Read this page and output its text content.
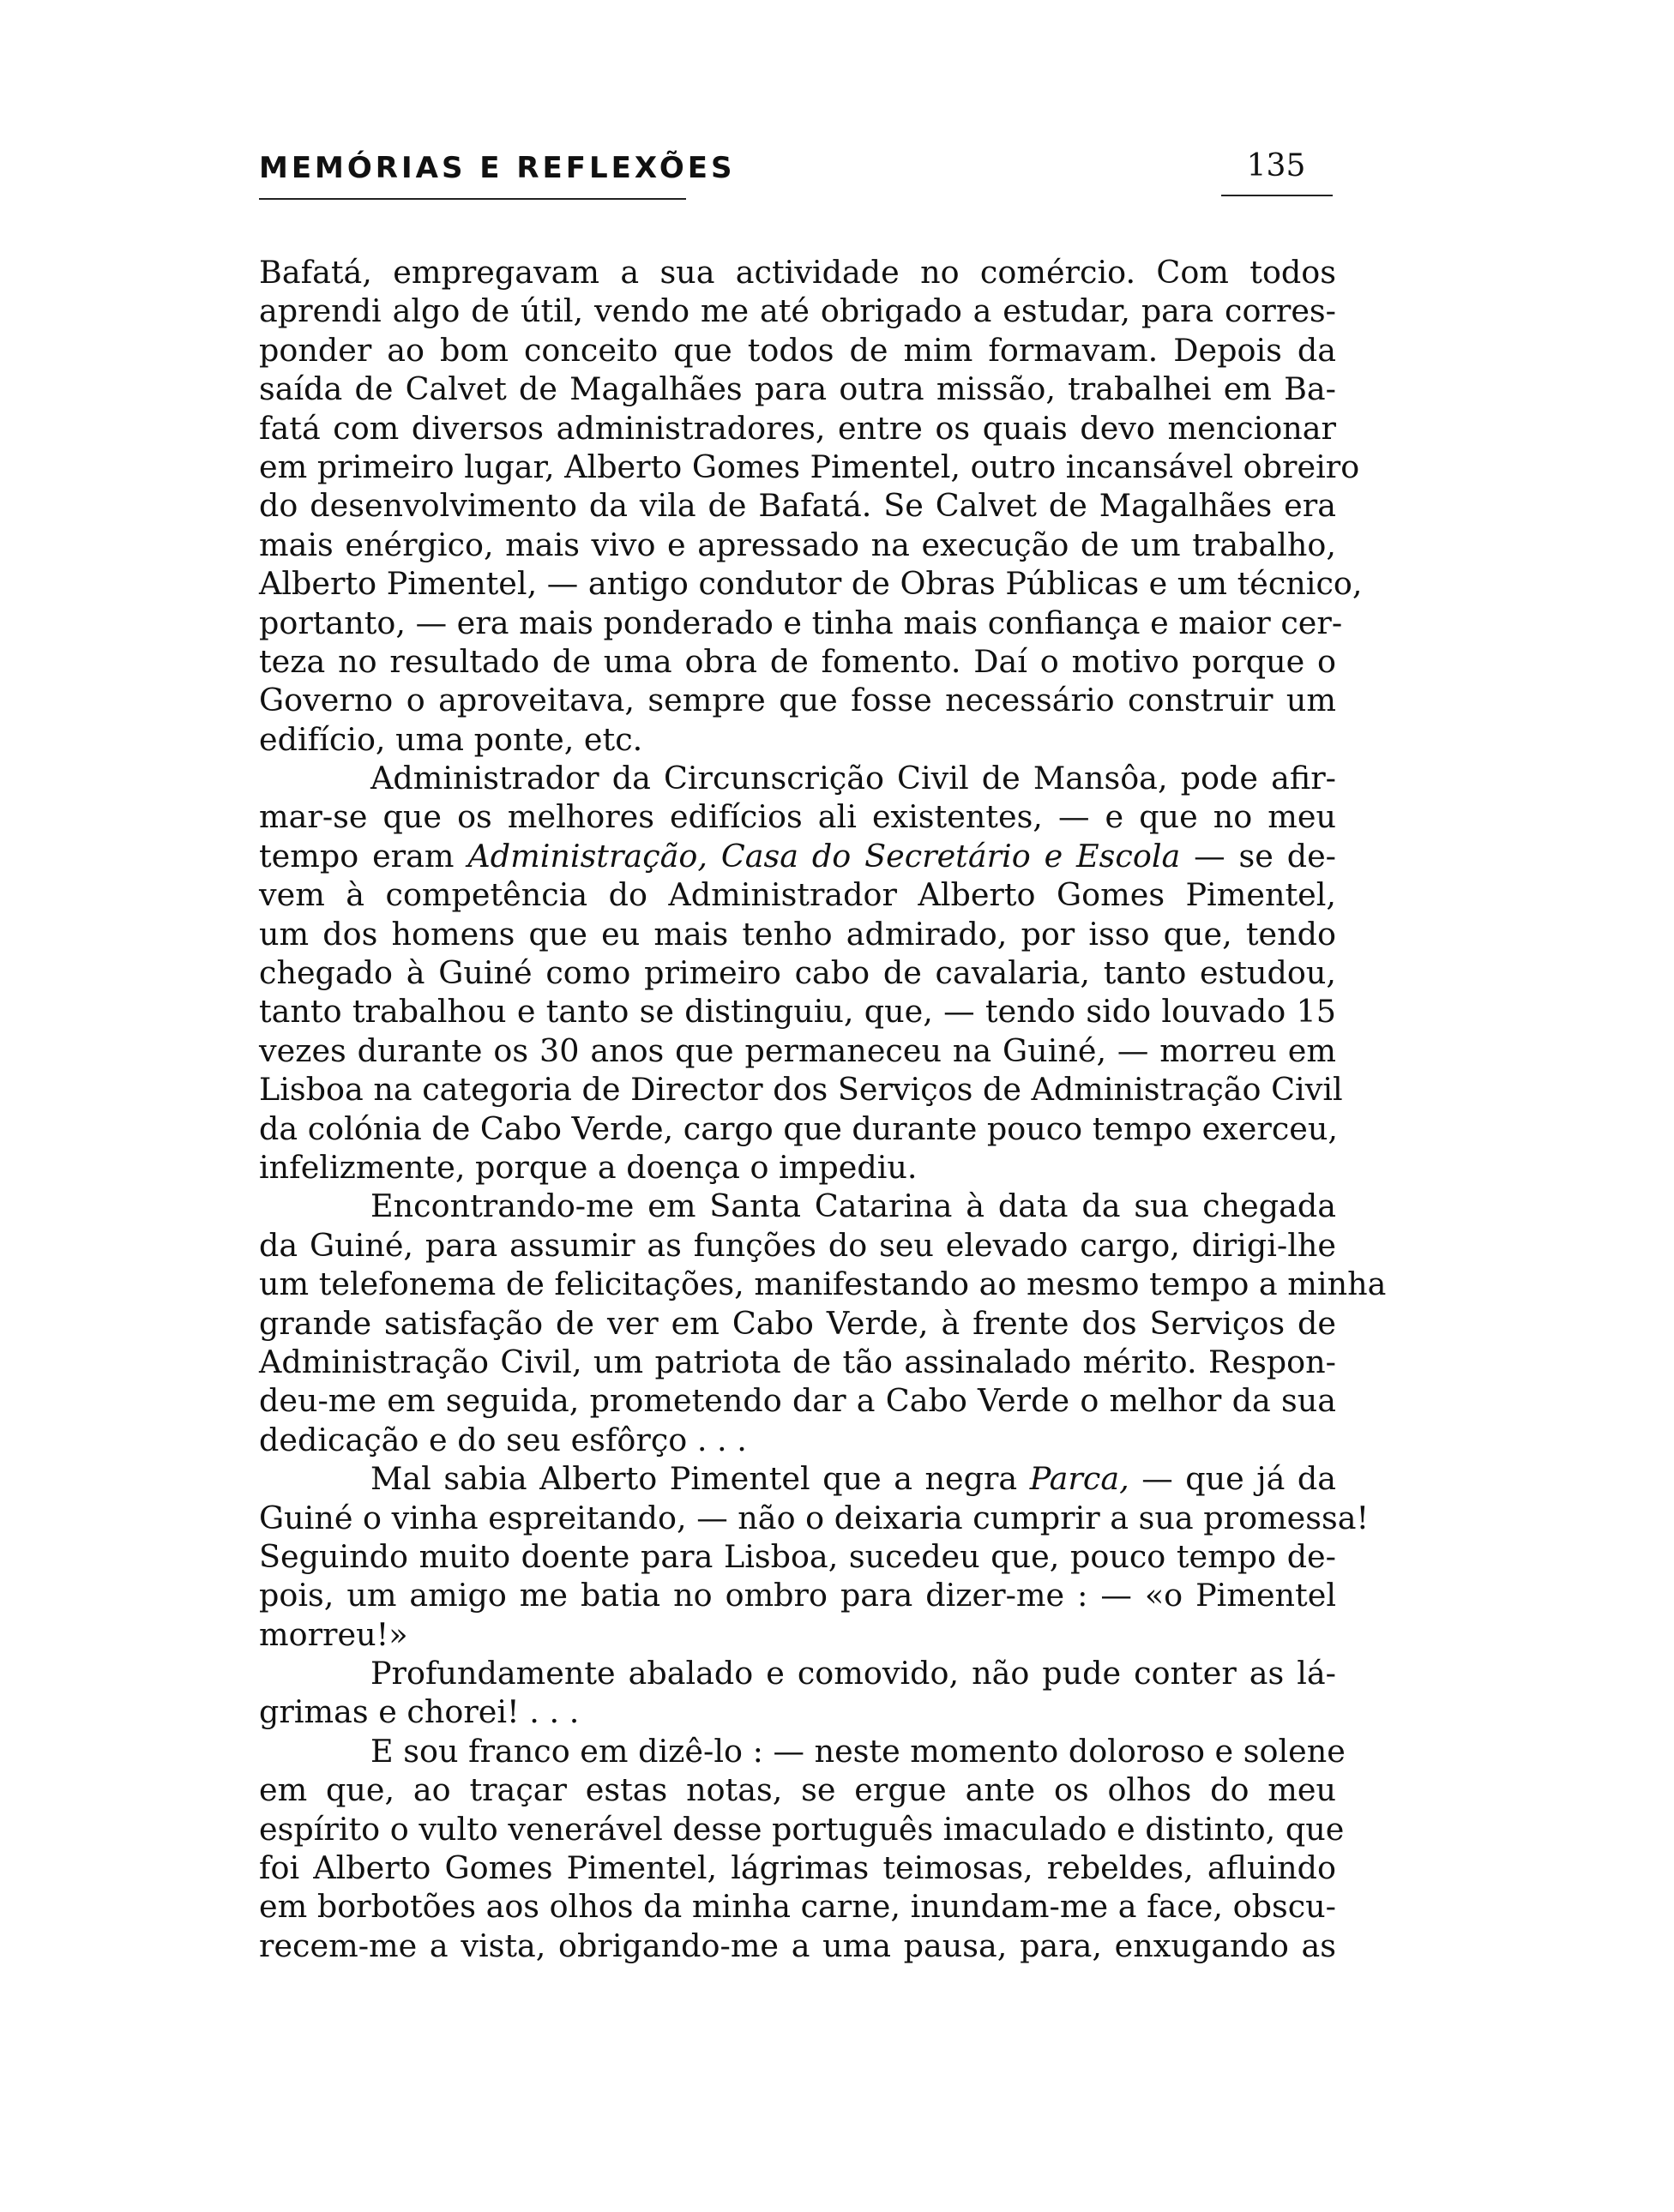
MEMÓRIAS E REFLEXÕES	135
Bafatá, empregavam a sua actividade no comércio. Com todos
aprendi algo de útil, vendo me até obrigado a estudar, para corres-
ponder ao bom conceito que todos de mim formavam. Depois da
saída de Calvet de Magalhães para outra missão, trabalhei em Ba-
fatá com diversos administradores, entre os quais devo mencionar
em primeiro lugar, Alberto Gomes Pimentel, outro incansável obreiro
do desenvolvimento da vila de Bafatá. Se Calvet de Magalhães era
mais enérgico, mais vivo e apressado na execução de um trabalho,
Alberto Pimentel, — antigo condutor de Obras Públicas e um técnico,
portanto, — era mais ponderado e tinha mais confiança e maior cer-
teza no resultado de uma obra de fomento. Daí o motivo porque o
Governo o aproveitava, sempre que fosse necessário construir um
edifício, uma ponte, etc.
Administrador da Circunscrição Civil de Mansôa, pode afir-
mar-se que os melhores edifícios ali existentes, — e que no meu
tempo eram Administração, Casa do Secretário e Escola — se de-
vem à competência do Administrador Alberto Gomes Pimentel,
um dos homens que eu mais tenho admirado, por isso que, tendo
chegado à Guiné como primeiro cabo de cavalaria, tanto estudou,
tanto trabalhou e tanto se distinguiu, que, — tendo sido louvado 15
vezes durante os 30 anos que permaneceu na Guiné, — morreu em
Lisboa na categoria de Director dos Serviços de Administração Civil
da colónia de Cabo Verde, cargo que durante pouco tempo exerceu,
infelizmente, porque a doença o impediu.
Encontrando-me em Santa Catarina à data da sua chegada
da Guiné, para assumir as funções do seu elevado cargo, dirigi-lhe
um telefonema de felicitações, manifestando ao mesmo tempo a minha
grande satisfação de ver em Cabo Verde, à frente dos Serviços de
Administração Civil, um patriota de tão assinalado mérito. Respon-
deu-me em seguida, prometendo dar a Cabo Verde o melhor da sua
dedicação e do seu esfôrço . . .
Mal sabia Alberto Pimentel que a negra Parca, — que já da
Guiné o vinha espreitando, — não o deixaria cumprir a sua promessa!
Seguindo muito doente para Lisboa, sucedeu que, pouco tempo de-
pois, um amigo me batia no ombro para dizer-me : — «o Pimentel
morreu!»
Profundamente abalado e comovido, não pude conter as lá-
grimas e chorei! . . .
E sou franco em dizê-lo : — neste momento doloroso e solene
em que, ao traçar estas notas, se ergue ante os olhos do meu
espírito o vulto venerável desse português imaculado e distinto, que
foi Alberto Gomes Pimentel, lágrimas teimosas, rebeldes, afluindo
em borbotões aos olhos da minha carne, inundam-me a face, obscu-
recem-me a vista, obrigando-me a uma pausa, para, enxugando as
